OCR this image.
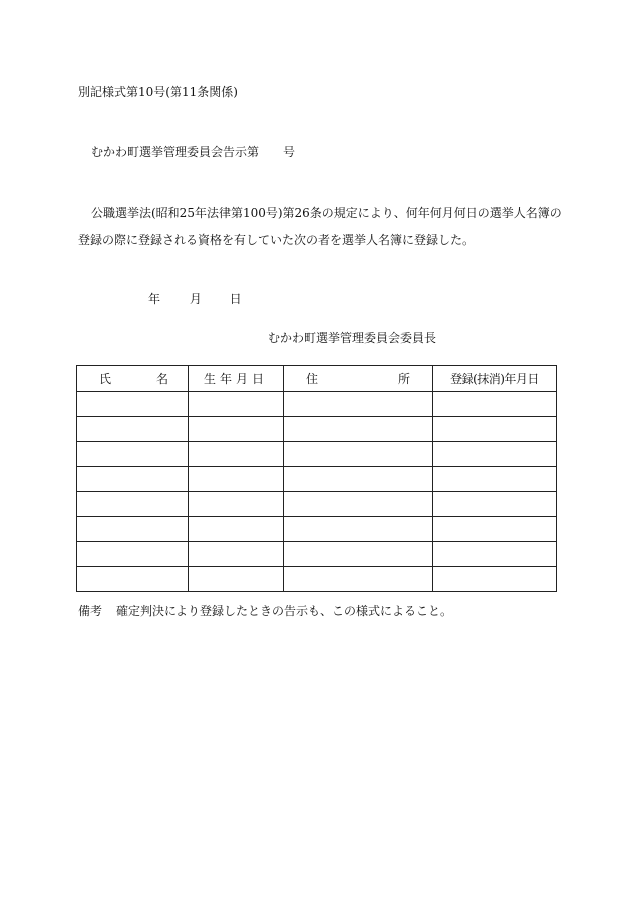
別記様式第10号(第11条関係)
むかわ町選挙管理委員会告示第　　号
公職選挙法(昭和25年法律第100号)第26条の規定により、何年何月何日の選挙人名簿の
登録の際に登録される資格を有していた次の者を選挙人名簿に登録した。
年 月 日
むかわ町選挙管理委員会委員長
氏 名	生年月日	住 所	登録(抹消)年月日

備考 確定判決により登録したときの告示も、この様式によること。
